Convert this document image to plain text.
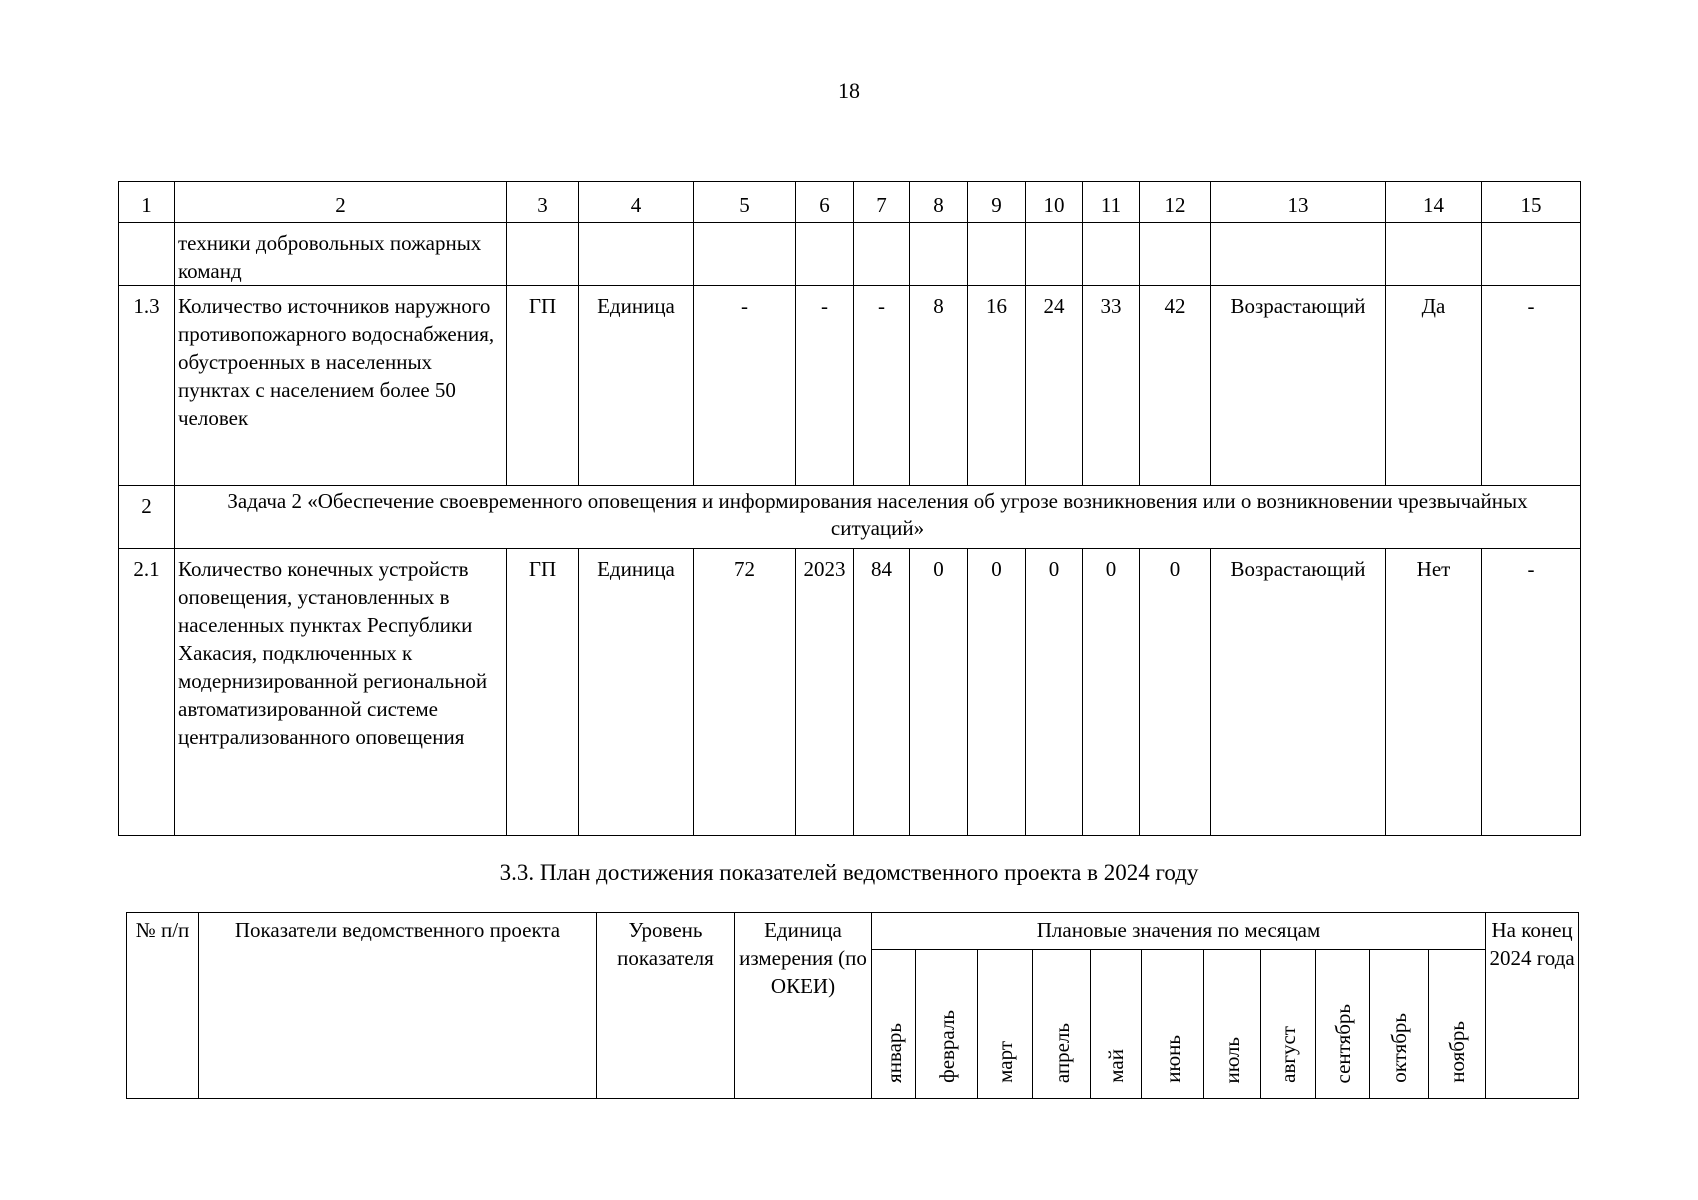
18
1	2	3	4	5	6	7	8	9	10	11	12	13	14	15
	техники добровольных пожарных команд													
1.3	Количество источников наружного противопожарного водоснабжения, обустроенных в населенных пунктах с населением более 50 человек	ГП	Единица	-	-	-	8	16	24	33	42	Возрастающий	Да	-
2	Задача 2 «Обеспечение своевременного оповещения и информирования населения об угрозе возникновения или о возникновении чрезвычайных ситуаций»													
2.1	Количество конечных устройств оповещения, установленных в населенных пунктах Республики Хакасия, подключенных к модернизированной региональной автоматизированной системе централизованного оповещения	ГП	Единица	72	2023	84	0	0	0	0	0	Возрастающий	Нет	-
3.3. План достижения показателей ведомственного проекта в 2024 году
№ п/п	Показатели ведомственного проекта	Уровень показателя	Единица измерения (по ОКЕИ)	Плановые значения по месяцам											На конец 2024 года
				январь	февраль	март	апрель	май	июнь	июль	август	сентябрь	октябрь	ноябрь	
